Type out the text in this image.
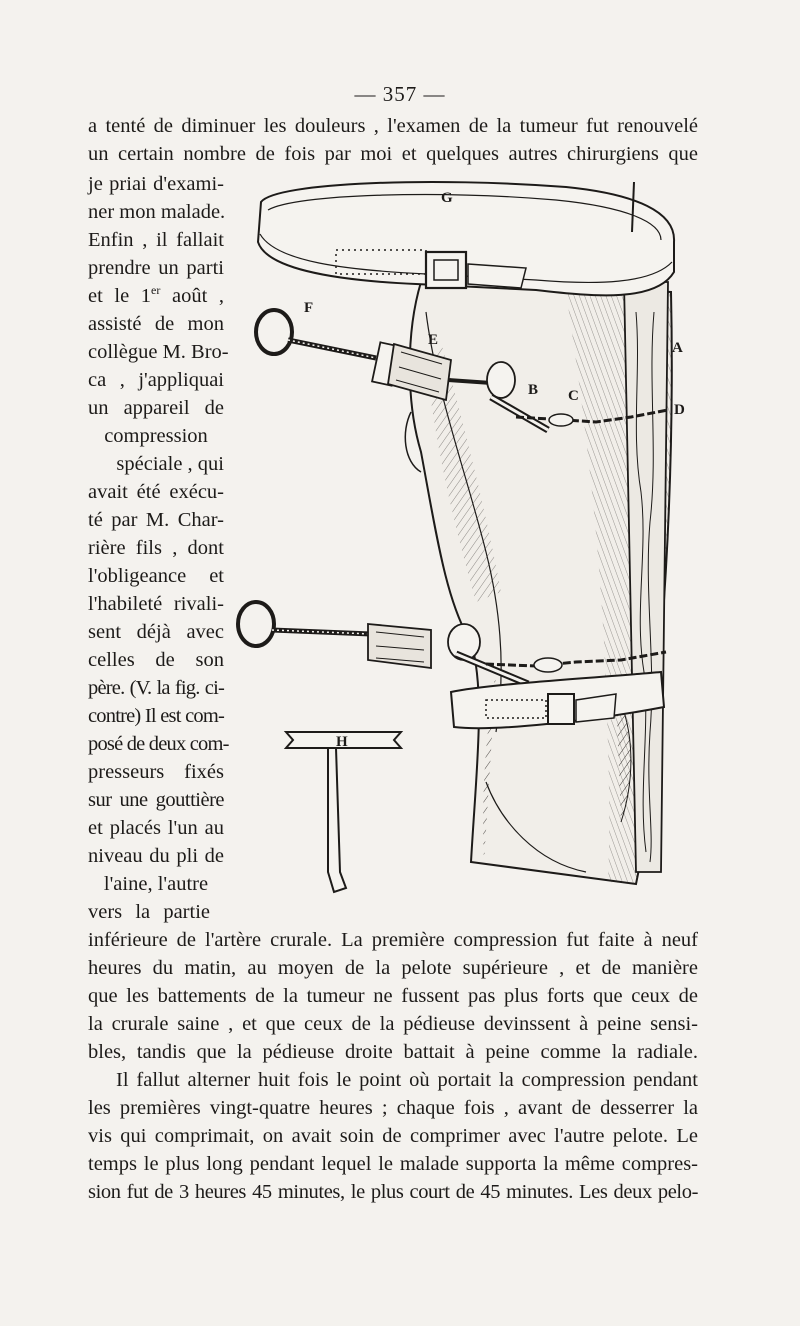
— 357 —
a tenté de diminuer les douleurs , l'examen de la tumeur fut renouvelé
un certain nombre de fois par moi et quelques autres chirurgiens que
je priai d'exami-
ner mon malade.
Enfin , il fallait
prendre un parti
et le 1er août ,
assisté de mon
collègue M. Bro-
ca , j'appliquai
un appareil de
compression
spéciale , qui
avait été exécu-
té par M. Char-
rière fils , dont
l'obligeance et
l'habileté rivali-
sent déjà avec
celles de son
père. (V. la fig. ci-
contre) Il est com-
posé de deux com-
presseurs fixés
sur une gouttière
et placés l'un au
niveau du pli de
l'aine, l'autre
vers la partie
inférieure de l'artère crurale. La première compression fut faite à neuf
heures du matin, au moyen de la pelote supérieure , et de manière
que les battements de la tumeur ne fussent pas plus forts que ceux de
la crurale saine , et que ceux de la pédieuse devinssent à peine sensi-
bles, tandis que la pédieuse droite battait à peine comme la radiale.
Il fallut alterner huit fois le point où portait la compression pendant
les premières vingt-quatre heures ; chaque fois , avant de desserrer la
vis qui comprimait, on avait soin de comprimer avec l'autre pelote. Le
temps le plus long pendant lequel le malade supporta la même compres-
sion fut de 3 heures 45 minutes, le plus court de 45 minutes. Les deux pelo-
G
F
E
B C
A
D
H
